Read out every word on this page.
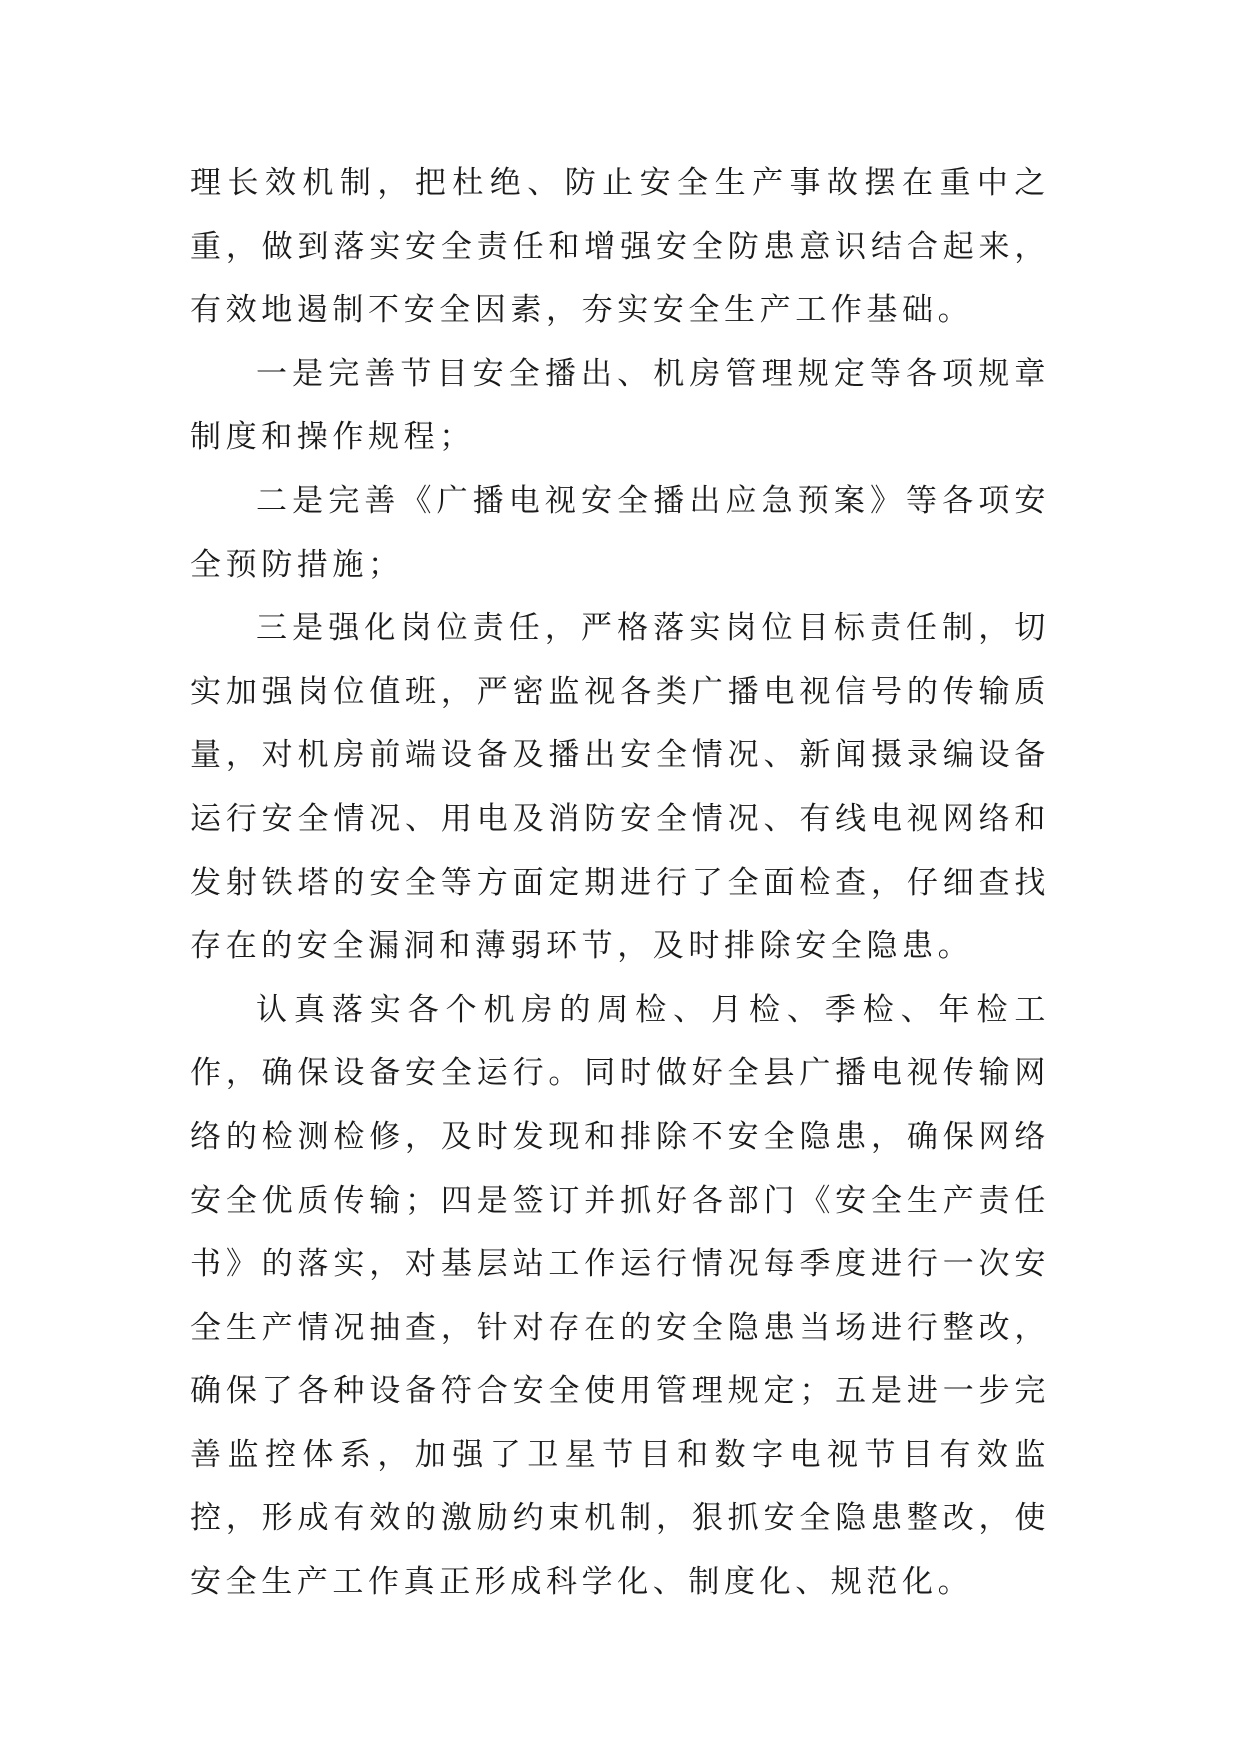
理长效机制，把杜绝、防止安全生产事故摆在重中之重，做到落实安全责任和增强安全防患意识结合起来，有效地遏制不安全因素，夯实安全生产工作基础。

一是完善节目安全播出、机房管理规定等各项规章制度和操作规程；

二是完善《广播电视安全播出应急预案》等各项安全预防措施；

三是强化岗位责任，严格落实岗位目标责任制，切实加强岗位值班，严密监视各类广播电视信号的传输质量，对机房前端设备及播出安全情况、新闻摄录编设备运行安全情况、用电及消防安全情况、有线电视网络和发射铁塔的安全等方面定期进行了全面检查，仔细查找存在的安全漏洞和薄弱环节，及时排除安全隐患。

认真落实各个机房的周检、月检、季检、年检工作，确保设备安全运行。同时做好全县广播电视传输网络的检测检修，及时发现和排除不安全隐患，确保网络安全优质传输；四是签订并抓好各部门《安全生产责任书》的落实，对基层站工作运行情况每季度进行一次安全生产情况抽查，针对存在的安全隐患当场进行整改，确保了各种设备符合安全使用管理规定；五是进一步完善监控体系，加强了卫星节目和数字电视节目有效监控，形成有效的激励约束机制，狠抓安全隐患整改，使安全生产工作真正形成科学化、制度化、规范化。
